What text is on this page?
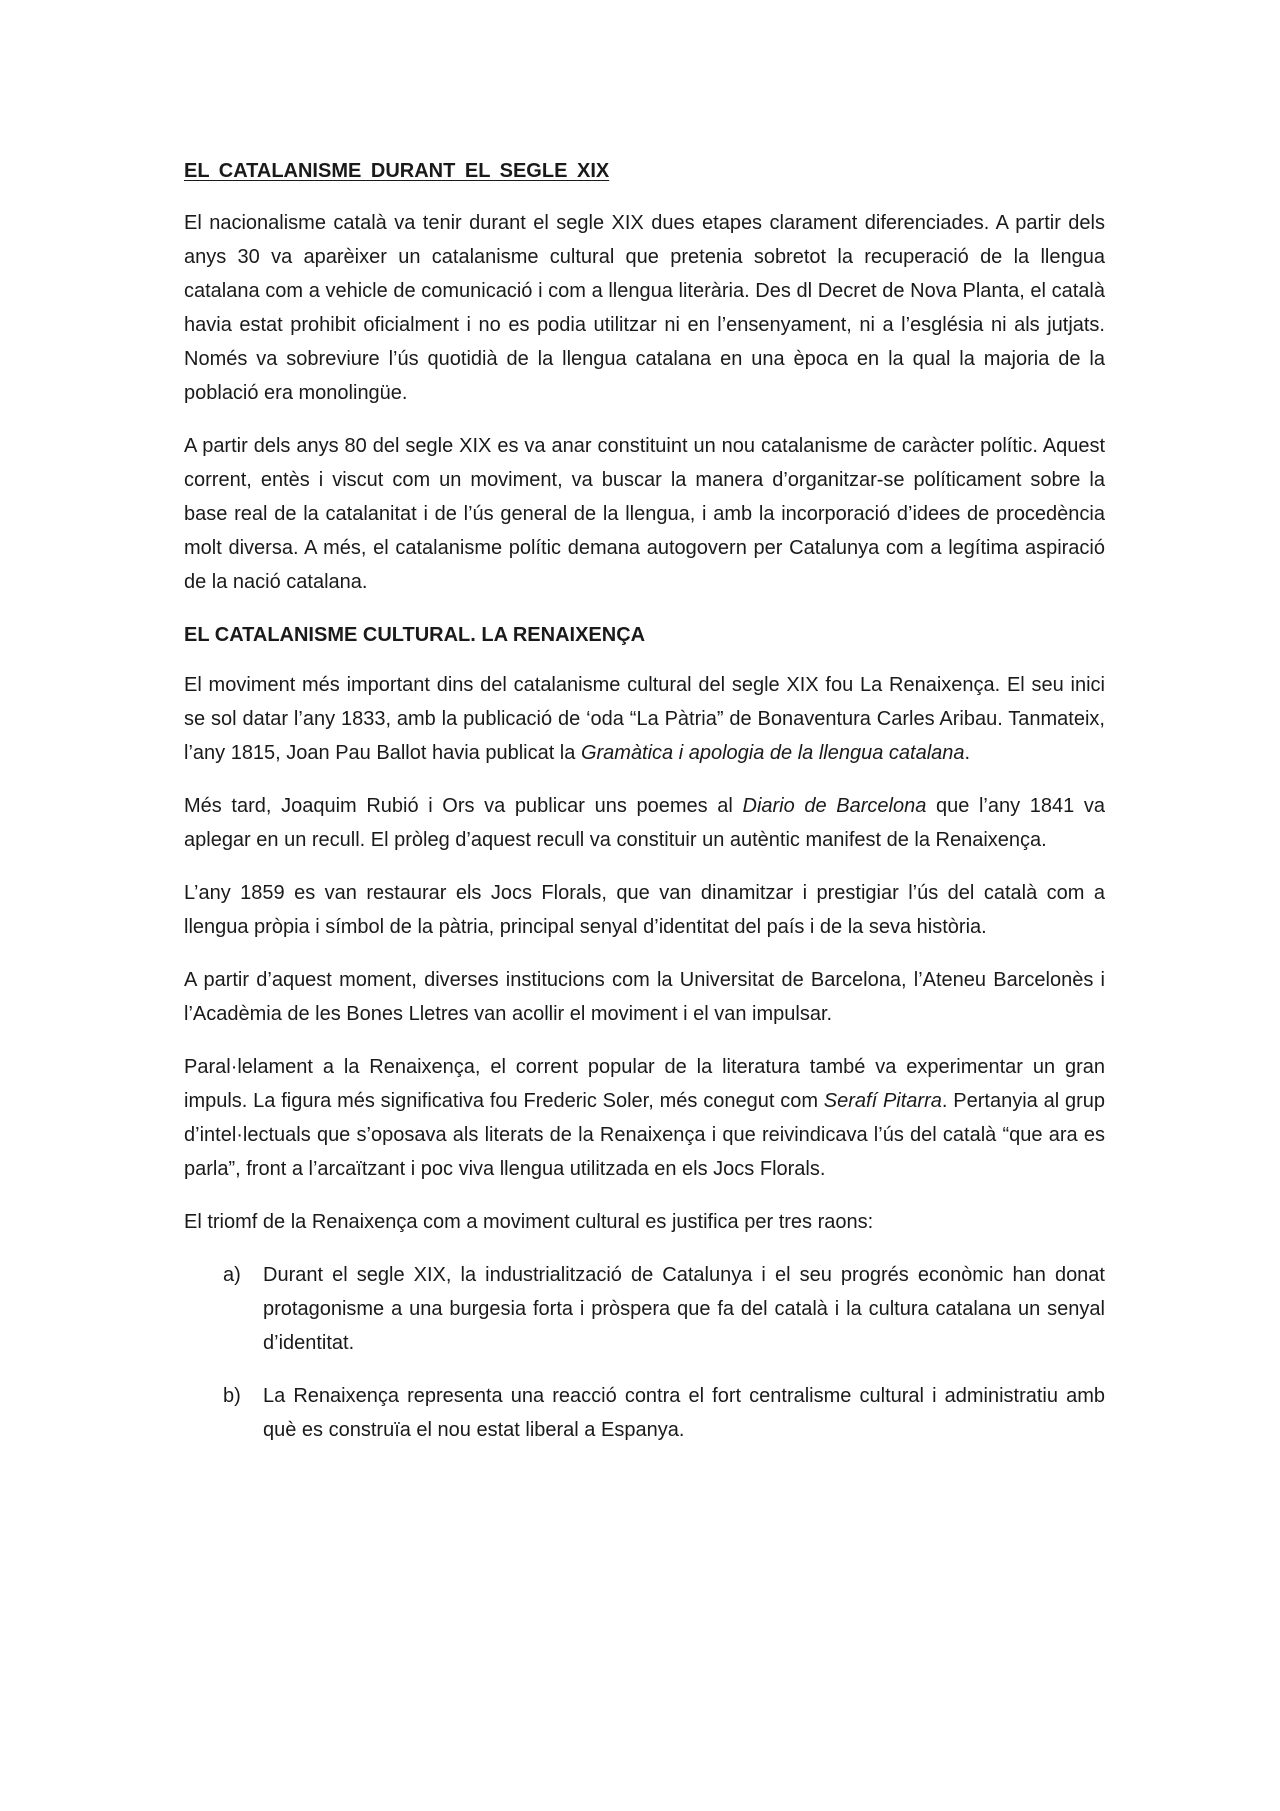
EL CATALANISME DURANT EL SEGLE XIX

El nacionalisme català va tenir durant el segle XIX dues etapes clarament diferenciades. A partir dels anys 30 va aparèixer un catalanisme cultural que pretenia sobretot la recuperació de la llengua catalana com a vehicle de comunicació i com a llengua literària. Des dl Decret de Nova Planta, el català havia estat prohibit oficialment i no es podia utilitzar ni en l’ensenyament, ni a l’església ni als jutjats. Només va sobreviure l’ús quotidià de la llengua catalana en una època en la qual la majoria de la població era monolingüe.

A partir dels anys 80 del segle XIX es va anar constituint un nou catalanisme de caràcter polític. Aquest corrent, entès i viscut com un moviment, va buscar la manera d’organitzar-se políticament sobre la base real de la catalanitat i de l’ús general de la llengua, i amb la incorporació d’idees de procedència molt diversa. A més, el catalanisme polític demana autogovern per Catalunya com a legítima aspiració de la nació catalana.

EL CATALANISME CULTURAL. LA RENAIXENÇA

El moviment més important dins del catalanisme cultural del segle XIX fou La Renaixença. El seu inici se sol datar l’any 1833, amb la publicació de ‘oda “La Pàtria” de Bonaventura Carles Aribau. Tanmateix, l’any 1815, Joan Pau Ballot havia publicat la Gramàtica i apologia de la llengua catalana.

Més tard, Joaquim Rubió i Ors va publicar uns poemes al Diario de Barcelona que l’any 1841 va aplegar en un recull. El pròleg d’aquest recull va constituir un autèntic manifest de la Renaixença.

L’any 1859 es van restaurar els Jocs Florals, que van dinamitzar i prestigiar l’ús del català com a llengua pròpia i símbol de la pàtria, principal senyal d’identitat del país i de la seva història.

A partir d’aquest moment, diverses institucions com la Universitat de Barcelona, l’Ateneu Barcelonès i l’Acadèmia de les Bones Lletres van acollir el moviment i el van impulsar.

Paral·lelament a la Renaixença, el corrent popular de la literatura també va experimentar un gran impuls. La figura més significativa fou Frederic Soler, més conegut com Serafí Pitarra. Pertanyia al grup d’intel·lectuals que s’oposava als literats de la Renaixença i que reivindicava l’ús del català “que ara es parla”, front a l’arcaïtzant i poc viva llengua utilitzada en els Jocs Florals.

El triomf de la Renaixença com a moviment cultural es justifica per tres raons:

a) Durant el segle XIX, la industrialització de Catalunya i el seu progrés econòmic han donat protagonisme a una burgesia forta i pròspera que fa del català i la cultura catalana un senyal d’identitat.
b) La Renaixença representa una reacció contra el fort centralisme cultural i administratiu amb què es construïa el nou estat liberal a Espanya.
